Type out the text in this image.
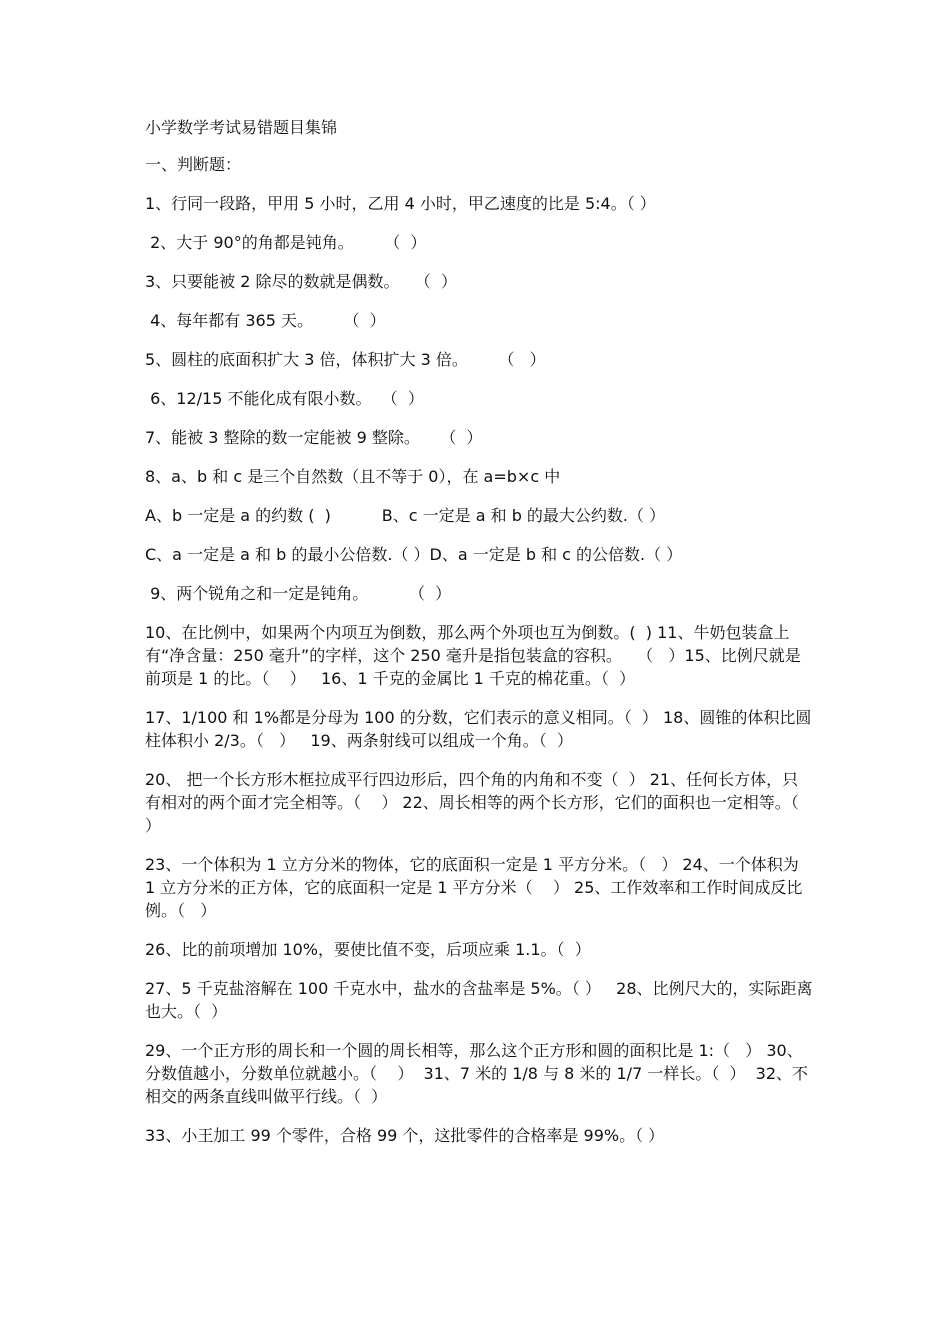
小学数学考试易错题目集锦
一、判断题：
1、行同一段路，甲用 5 小时，乙用 4 小时，甲乙速度的比是 5:4。（ ）
2、大于 90°的角都是钝角。      （  ）
3、只要能被 2 除尽的数就是偶数。   （  ）
4、每年都有 365 天。      （  ）
5、圆柱的底面积扩大 3 倍，体积扩大 3 倍。      （   ）
6、12/15 不能化成有限小数。  （  ）
7、能被 3 整除的数一定能被 9 整除。    （  ）
8、a、b 和 c 是三个自然数（且不等于 0），在 a=b×c 中
A、b 一定是 a 的约数 (  )          B、c 一定是 a 和 b 的最大公约数.（ ）
C、a 一定是 a 和 b 的最小公倍数.（ ）D、a 一定是 b 和 c 的公倍数.（ ）
9、两个锐角之和一定是钝角。        （  ）
10、在比例中，如果两个内项互为倒数，那么两个外项也互为倒数。(  ) 11、牛奶包装盒上有“净含量：250 毫升”的字样，这个 250 毫升是指包装盒的容积。   （   ）15、比例尺就是前项是 1 的比。（    ）   16、1 千克的金属比 1 千克的棉花重。（  ）
17、1/100 和 1%都是分母为 100 的分数，它们表示的意义相同。（  ） 18、圆锥的体积比圆柱体积小 2/3。（   ）   19、两条射线可以组成一个角。（  ）
20、 把一个长方形木框拉成平行四边形后，四个角的内角和不变（  ） 21、任何长方体，只有相对的两个面才完全相等。（    ） 22、周长相等的两个长方形，它们的面积也一定相等。（   ）
23、一个体积为 1 立方分米的物体，它的底面积一定是 1 平方分米。（   ） 24、一个体积为 1 立方分米的正方体，它的底面积一定是 1 平方分米（    ） 25、工作效率和工作时间成反比例。（   ）
26、比的前项增加 10%，要使比值不变，后项应乘 1.1。（  ）
27、5 千克盐溶解在 100 千克水中，盐水的含盐率是 5%。（ ）   28、比例尺大的，实际距离也大。（  ）
29、一个正方形的周长和一个圆的周长相等，那么这个正方形和圆的面积比是 1:（   ） 30、分数值越小，分数单位就越小。（    ）  31、7 米的 1/8 与 8 米的 1/7 一样长。（  ）  32、不相交的两条直线叫做平行线。（  ）
33、小王加工 99 个零件，合格 99 个，这批零件的合格率是 99%。（ ）
